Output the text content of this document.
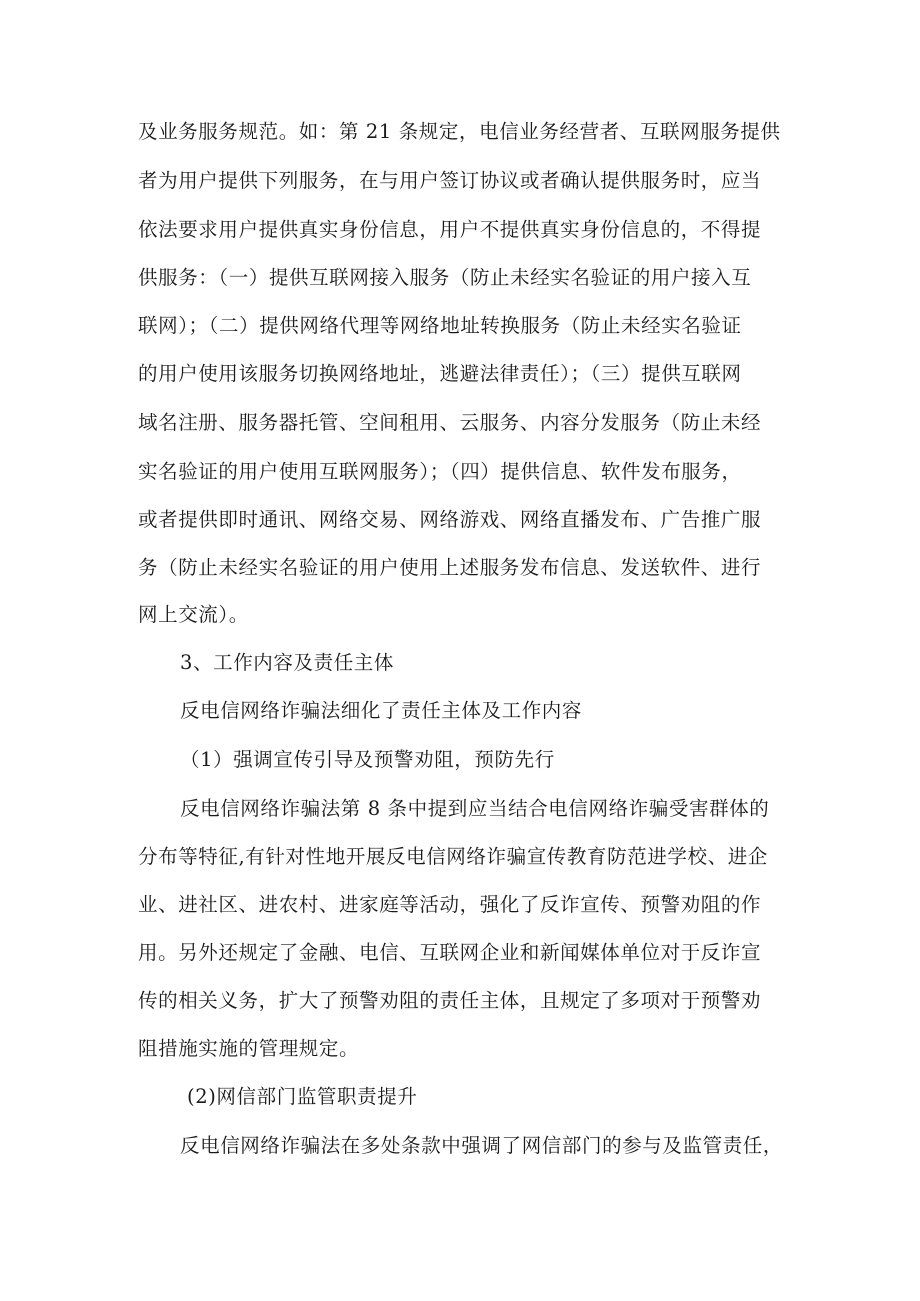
及业务服务规范。如：第 21 条规定，电信业务经营者、互联网服务提供
者为用户提供下列服务，在与用户签订协议或者确认提供服务时，应当
依法要求用户提供真实身份信息，用户不提供真实身份信息的，不得提
供服务：（一）提供互联网接入服务（防止未经实名验证的用户接入互
联网）；（二）提供网络代理等网络地址转换服务（防止未经实名验证
的用户使用该服务切换网络地址，逃避法律责任）；（三）提供互联网
域名注册、服务器托管、空间租用、云服务、内容分发服务（防止未经
实名验证的用户使用互联网服务）；（四）提供信息、软件发布服务，
或者提供即时通讯、网络交易、网络游戏、网络直播发布、广告推广服
务（防止未经实名验证的用户使用上述服务发布信息、发送软件、进行
网上交流）。
3、工作内容及责任主体
反电信网络诈骗法细化了责任主体及工作内容
（1）强调宣传引导及预警劝阻，预防先行
反电信网络诈骗法第 8 条中提到应当结合电信网络诈骗受害群体的
分布等特征,有针对性地开展反电信网络诈骗宣传教育防范进学校、进企
业、进社区、进农村、进家庭等活动，强化了反诈宣传、预警劝阻的作
用。另外还规定了金融、电信、互联网企业和新闻媒体单位对于反诈宣
传的相关义务，扩大了预警劝阻的责任主体，且规定了多项对于预警劝
阻措施实施的管理规定。
(2)网信部门监管职责提升
反电信网络诈骗法在多处条款中强调了网信部门的参与及监管责任，
